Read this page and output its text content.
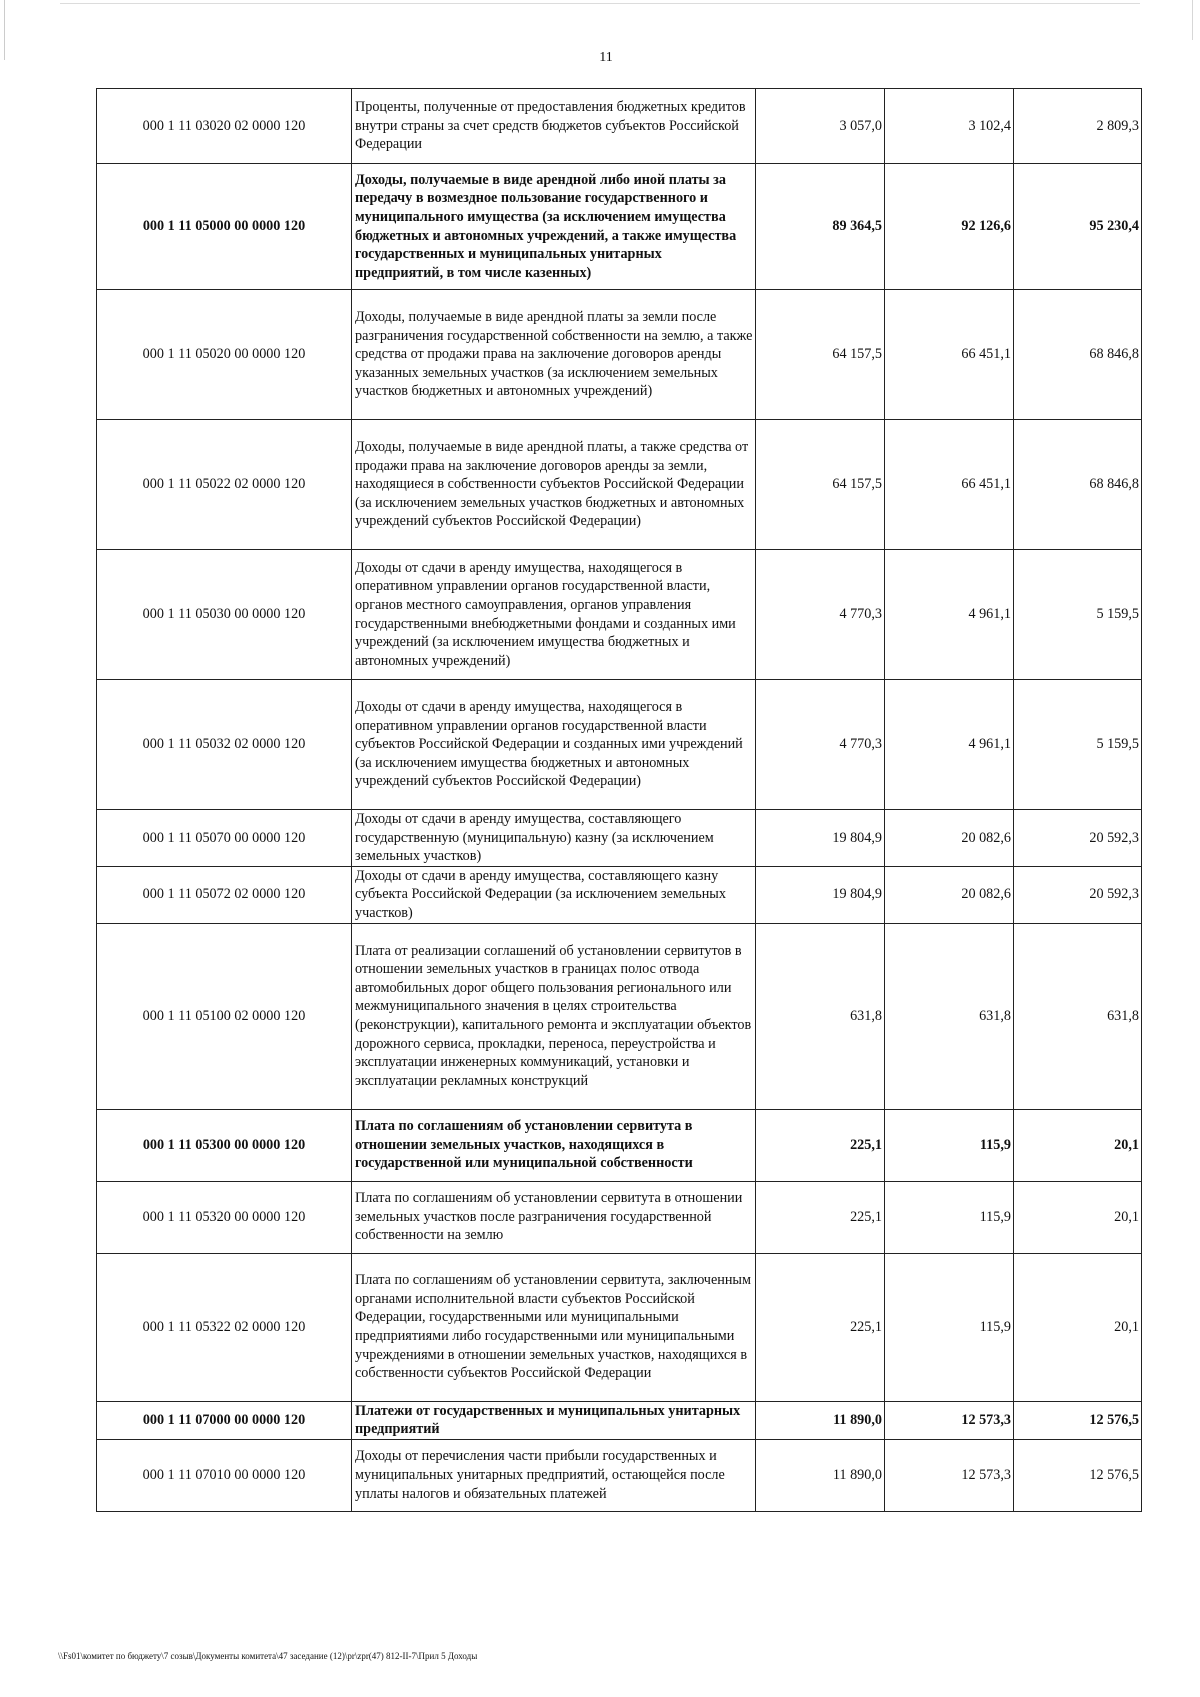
11
000 1 11 03020 02 0000 120	Проценты, полученные от предоставления бюджетных кредитов внутри страны за счет средств бюджетов субъектов Российской Федерации	3 057,0	3 102,4	2 809,3
000 1 11 05000 00 0000 120	Доходы, получаемые в виде арендной либо иной платы за передачу в возмездное пользование государственного и муниципального имущества (за исключением имущества бюджетных и автономных учреждений, а также имущества государственных и муниципальных унитарных предприятий, в том числе казенных)	89 364,5	92 126,6	95 230,4
000 1 11 05020 00 0000 120	Доходы, получаемые в виде арендной платы за земли после разграничения государственной собственности на землю, а также средства от продажи права на заключение договоров аренды указанных земельных участков (за исключением земельных участков бюджетных и автономных учреждений)	64 157,5	66 451,1	68 846,8
000 1 11 05022 02 0000 120	Доходы, получаемые в виде арендной платы, а также средства от продажи права на заключение договоров аренды за земли, находящиеся в собственности субъектов Российской Федерации (за исключением земельных участков бюджетных и автономных учреждений субъектов Российской Федерации)	64 157,5	66 451,1	68 846,8
000 1 11 05030 00 0000 120	Доходы от сдачи в аренду имущества, находящегося в оперативном управлении органов государственной власти, органов местного самоуправления, органов управления государственными внебюджетными фондами и созданных ими учреждений (за исключением имущества бюджетных и автономных учреждений)	4 770,3	4 961,1	5 159,5
000 1 11 05032 02 0000 120	Доходы от сдачи в аренду имущества, находящегося в оперативном управлении органов государственной власти субъектов Российской Федерации и созданных ими учреждений (за исключением имущества бюджетных и автономных учреждений субъектов Российской Федерации)	4 770,3	4 961,1	5 159,5
000 1 11 05070 00 0000 120	Доходы от сдачи в аренду имущества, составляющего государственную (муниципальную) казну (за исключением земельных участков)	19 804,9	20 082,6	20 592,3
000 1 11 05072 02 0000 120	Доходы от сдачи в аренду имущества, составляющего казну субъекта Российской Федерации (за исключением земельных участков)	19 804,9	20 082,6	20 592,3
000 1 11 05100 02 0000 120	Плата от реализации соглашений об установлении сервитутов в отношении земельных участков в границах полос отвода автомобильных дорог общего пользования регионального или межмуниципального значения в целях строительства (реконструкции), капитального ремонта и эксплуатации объектов дорожного сервиса, прокладки, переноса, переустройства и эксплуатации инженерных коммуникаций, установки и эксплуатации рекламных конструкций	631,8	631,8	631,8
000 1 11 05300 00 0000 120	Плата по соглашениям об установлении сервитута в отношении земельных участков, находящихся в государственной или муниципальной собственности	225,1	115,9	20,1
000 1 11 05320 00 0000 120	Плата по соглашениям об установлении сервитута в отношении земельных участков после разграничения государственной собственности на землю	225,1	115,9	20,1
000 1 11 05322 02 0000 120	Плата по соглашениям об установлении сервитута, заключенным органами исполнительной власти субъектов Российской Федерации, государственными или муниципальными предприятиями либо государственными или муниципальными учреждениями в отношении земельных участков, находящихся в собственности субъектов Российской Федерации	225,1	115,9	20,1
000 1 11 07000 00 0000 120	Платежи от государственных и муниципальных унитарных предприятий	11 890,0	12 573,3	12 576,5
000 1 11 07010 00 0000 120	Доходы от перечисления части прибыли государственных и муниципальных унитарных предприятий, остающейся после уплаты налогов и обязательных платежей	11 890,0	12 573,3	12 576,5
\\Fs01\комитет по бюджету\7 созыв\Документы комитета\47 заседание (12)\pr\zpr(47) 812-II-7\Прил 5 Доходы
